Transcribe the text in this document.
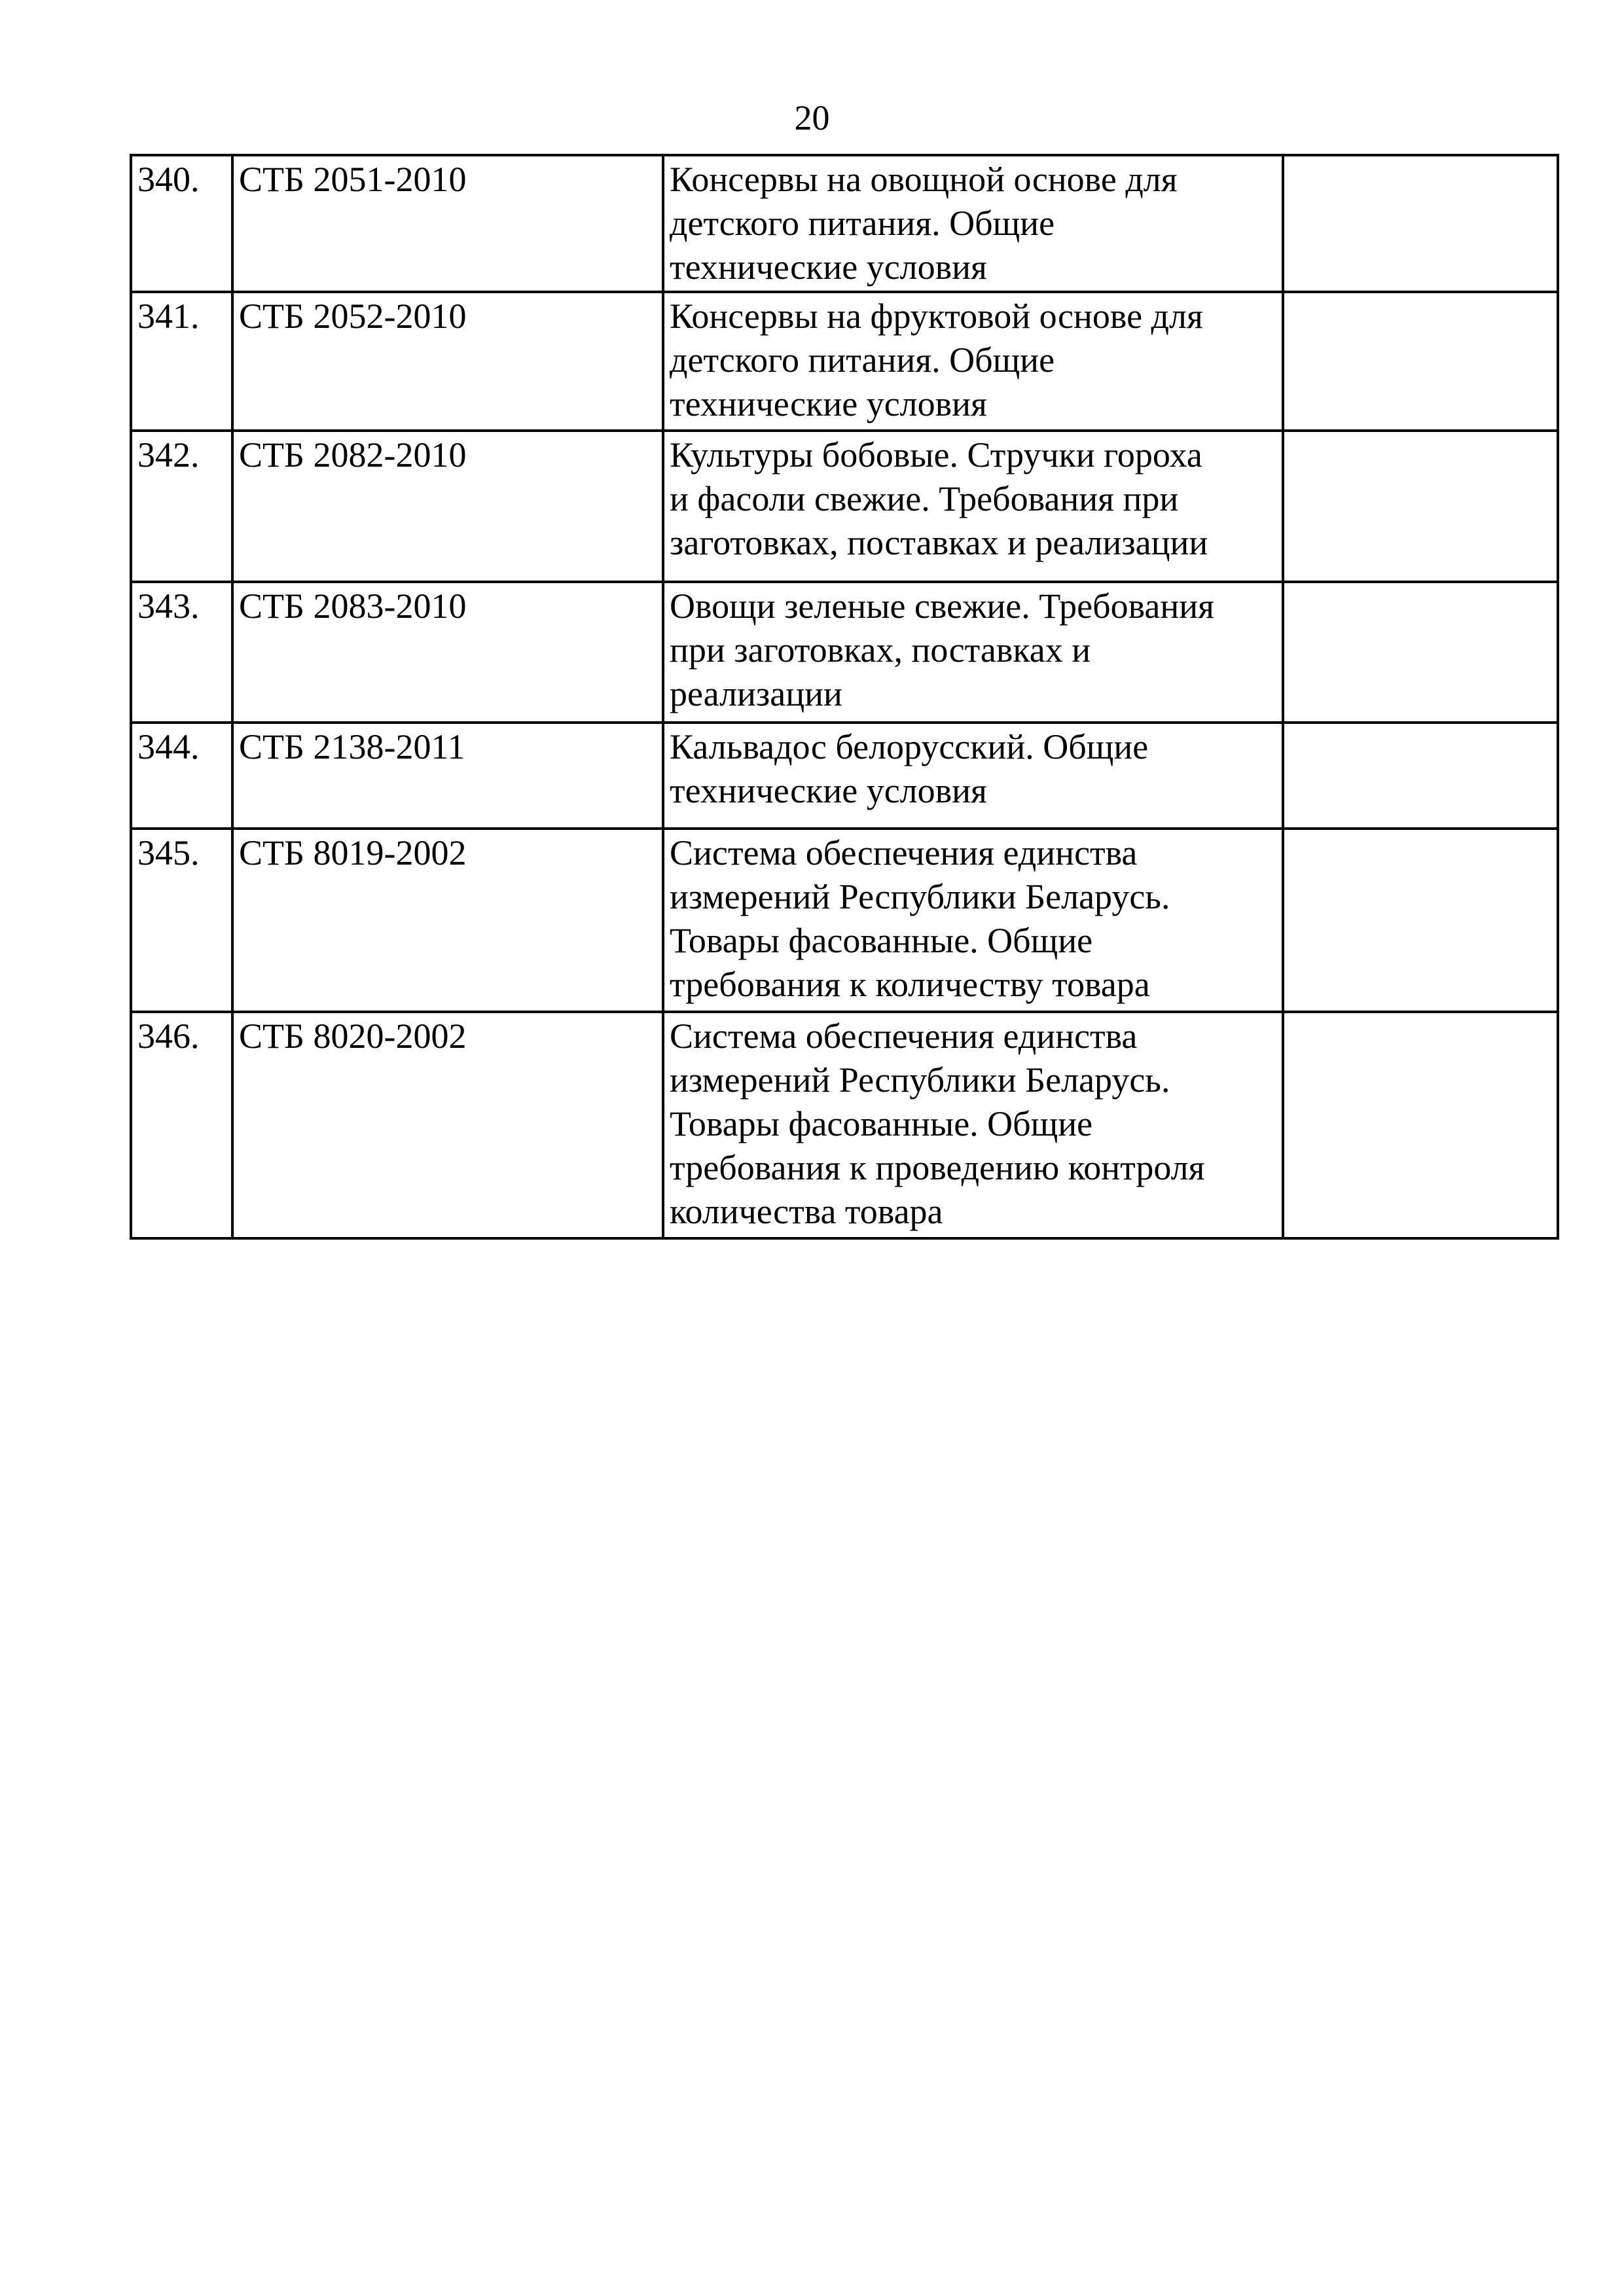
20
340.	СТБ 2051-2010	Консервы на овощной основе для
детского питания. Общие
технические условия	
341.	СТБ 2052-2010	Консервы на фруктовой основе для
детского питания. Общие
технические условия	
342.	СТБ 2082-2010	Культуры бобовые. Стручки гороха
и фасоли свежие. Требования при
заготовках, поставках и реализации	
343.	СТБ 2083-2010	Овощи зеленые свежие. Требования
при заготовках, поставках и
реализации	
344.	СТБ 2138-2011	Кальвадос белорусский. Общие
технические условия	
345.	СТБ 8019-2002	Система обеспечения единства
измерений Республики Беларусь.
Товары фасованные. Общие
требования к количеству товара	
346.	СТБ 8020-2002	Система обеспечения единства
измерений Республики Беларусь.
Товары фасованные. Общие
требования к проведению контроля
количества товара	
